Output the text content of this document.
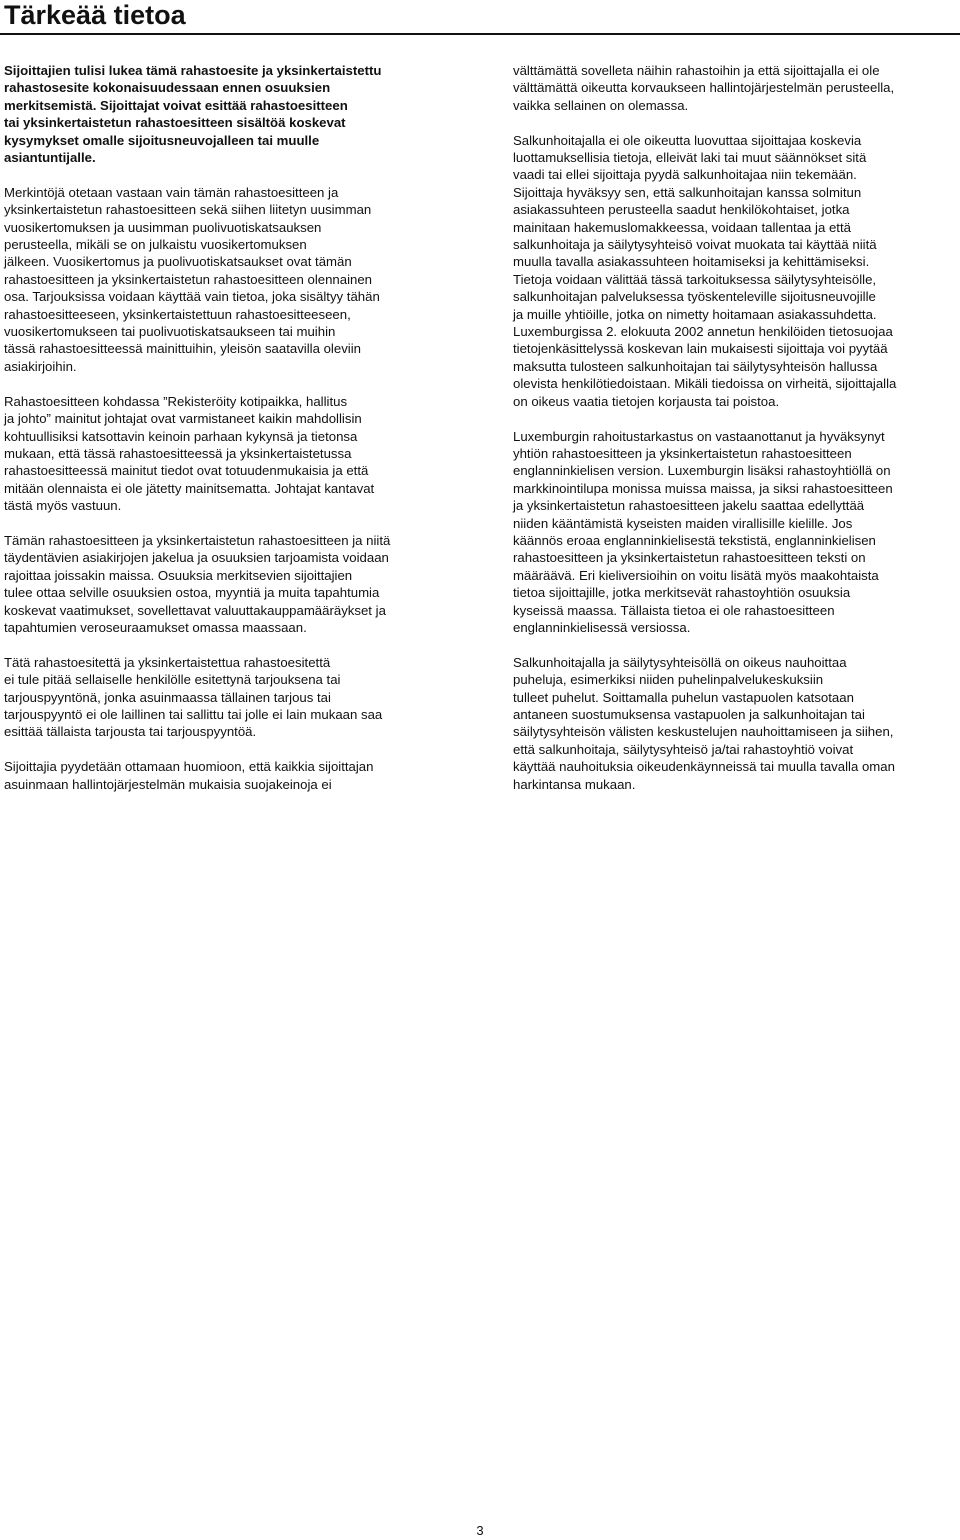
Tärkeää tietoa

Sijoittajien tulisi lukea tämä rahastoesite ja yksinkertaistettu
rahastosesite kokonaisuudessaan ennen osuuksien
merkitsemistä. Sijoittajat voivat esittää rahastoesitteen
tai yksinkertaistetun rahastoesitteen sisältöä koskevat
kysymykset omalle sijoitusneuvojalleen tai muulle
asiantuntijalle.

Merkintöjä otetaan vastaan vain tämän rahastoesitteen ja
yksinkertaistetun rahastoesitteen sekä siihen liitetyn uusimman
vuosikertomuksen ja uusimman puolivuotiskatsauksen
perusteella, mikäli se on julkaistu vuosikertomuksen
jälkeen. Vuosikertomus ja puolivuotiskatsaukset ovat tämän
rahastoesitteen ja yksinkertaistetun rahastoesitteen olennainen
osa. Tarjouksissa voidaan käyttää vain tietoa, joka sisältyy tähän
rahastoesitteeseen, yksinkertaistettuun rahastoesitteeseen,
vuosikertomukseen tai puolivuotiskatsaukseen tai muihin
tässä rahastoesitteessä mainittuihin, yleisön saatavilla oleviin
asiakirjoihin.

Rahastoesitteen kohdassa ”Rekisteröity kotipaikka, hallitus
ja johto” mainitut johtajat ovat varmistaneet kaikin mahdollisin
kohtuullisiksi katsottavin keinoin parhaan kykynsä ja tietonsa
mukaan, että tässä rahastoesitteessä ja yksinkertaistetussa
rahastoesitteessä mainitut tiedot ovat totuudenmukaisia ja että
mitään olennaista ei ole jätetty mainitsematta. Johtajat kantavat
tästä myös vastuun.

Tämän rahastoesitteen ja yksinkertaistetun rahastoesitteen ja niitä
täydentävien asiakirjojen jakelua ja osuuksien tarjoamista voidaan
rajoittaa joissakin maissa. Osuuksia merkitsevien sijoittajien
tulee ottaa selville osuuksien ostoa, myyntiä ja muita tapahtumia
koskevat vaatimukset, sovellettavat valuuttakauppamääräykset ja
tapahtumien veroseuraamukset omassa maassaan.

Tätä rahastoesitettä ja yksinkertaistettua rahastoesitettä
ei tule pitää sellaiselle henkilölle esitettynä tarjouksena tai
tarjouspyyntönä, jonka asuinmaassa tällainen tarjous tai
tarjouspyyntö ei ole laillinen tai sallittu tai jolle ei lain mukaan saa
esittää tällaista tarjousta tai tarjouspyyntöä.

Sijoittajia pyydetään ottamaan huomioon, että kaikkia sijoittajan
asuinmaan hallintojärjestelmän mukaisia suojakeinoja ei

välttämättä sovelleta näihin rahastoihin ja että sijoittajalla ei ole
välttämättä oikeutta korvaukseen hallintojärjestelmän perusteella,
vaikka sellainen on olemassa.

Salkunhoitajalla ei ole oikeutta luovuttaa sijoittajaa koskevia
luottamuksellisia tietoja, elleivät laki tai muut säännökset sitä
vaadi tai ellei sijoittaja pyydä salkunhoitajaa niin tekemään.
Sijoittaja hyväksyy sen, että salkunhoitajan kanssa solmitun
asiakassuhteen perusteella saadut henkilökohtaiset, jotka
mainitaan hakemuslomakkeessa, voidaan tallentaa ja että
salkunhoitaja ja säilytysyhteisö voivat muokata tai käyttää niitä
muulla tavalla asiakassuhteen hoitamiseksi ja kehittämiseksi.
Tietoja voidaan välittää tässä tarkoituksessa säilytysyhteisölle,
salkunhoitajan palveluksessa työskenteleville sijoitusneuvojille
ja muille yhtiöille, jotka on nimetty hoitamaan asiakassuhdetta.
Luxemburgissa 2. elokuuta 2002 annetun henkilöiden tietosuojaa
tietojenkäsittelyssä koskevan lain mukaisesti sijoittaja voi pyytää
maksutta tulosteen salkunhoitajan tai säilytysyhteisön hallussa
olevista henkilötiedoistaan. Mikäli tiedoissa on virheitä, sijoittajalla
on oikeus vaatia tietojen korjausta tai poistoa.

Luxemburgin rahoitustarkastus on vastaanottanut ja hyväksynyt
yhtiön rahastoesitteen ja yksinkertaistetun rahastoesitteen
englanninkielisen version. Luxemburgin lisäksi rahastoyhtiöllä on
markkinointilupa monissa muissa maissa, ja siksi rahastoesitteen
ja yksinkertaistetun rahastoesitteen jakelu saattaa edellyttää
niiden kääntämistä kyseisten maiden virallisille kielille. Jos
käännös eroaa englanninkielisestä tekstistä, englanninkielisen
rahastoesitteen ja yksinkertaistetun rahastoesitteen teksti on
määräävä. Eri kieliversioihin on voitu lisätä myös maakohtaista
tietoa sijoittajille, jotka merkitsevät rahastoyhtiön osuuksia
kyseissä maassa. Tällaista tietoa ei ole rahastoesitteen
englanninkielisessä versiossa.

Salkunhoitajalla ja säilytysyhteisöllä on oikeus nauhoittaa
puheluja, esimerkiksi niiden puhelinpalvelukeskuksiin
tulleet puhelut. Soittamalla puhelun vastapuolen katsotaan
antaneen suostumuksensa vastapuolen ja salkunhoitajan tai
säilytysyhteisön välisten keskustelujen nauhoittamiseen ja siihen,
että salkunhoitaja, säilytysyhteisö ja/tai rahastoyhtiö voivat
käyttää nauhoituksia oikeudenkäynneissä tai muulla tavalla oman
harkintansa mukaan.

3
